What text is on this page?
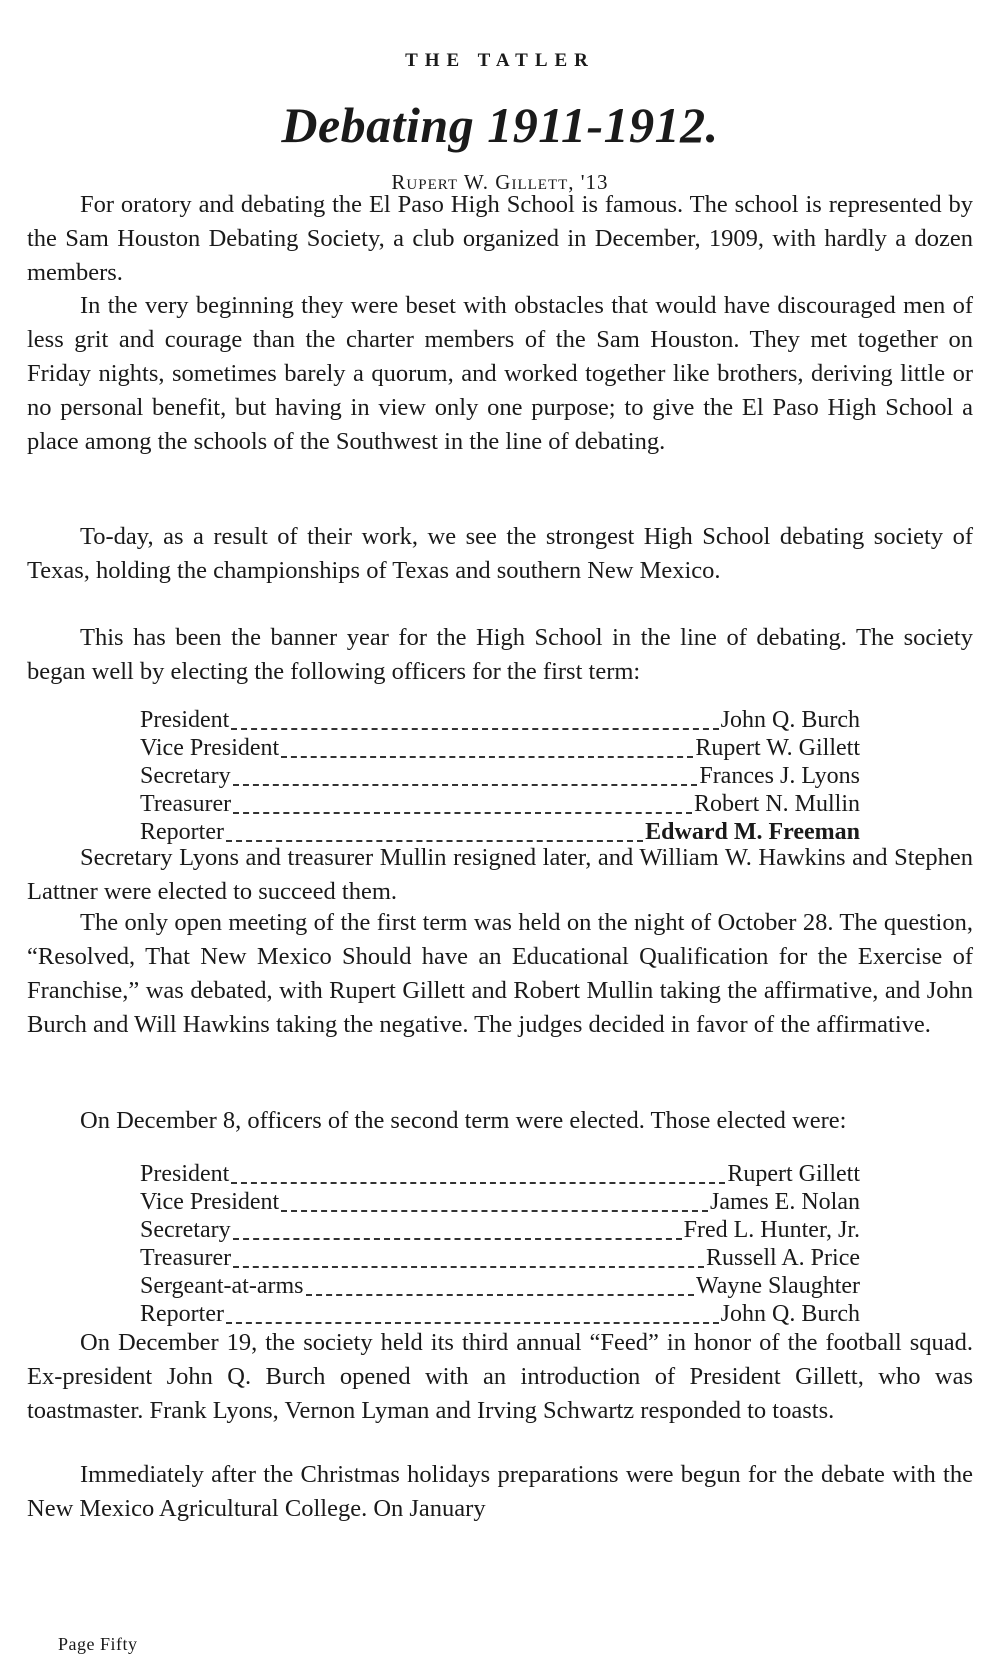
THE TATLER
Debating 1911-1912.
Rupert W. Gillett, '13

For oratory and debating the El Paso High School is famous. The school is represented by the Sam Houston Debating Society, a club organized in December, 1909, with hardly a dozen members.

In the very beginning they were beset with obstacles that would have discouraged men of less grit and courage than the charter members of the Sam Houston. They met together on Friday nights, sometimes barely a quorum, and worked together like brothers, deriving little or no personal benefit, but having in view only one purpose; to give the El Paso High School a place among the schools of the Southwest in the line of debating.

To-day, as a result of their work, we see the strongest High School debating society of Texas, holding the championships of Texas and southern New Mexico.

This has been the banner year for the High School in the line of debating. The society began well by electing the following officers for the first term:

President	John Q. Burch
Vice President	Rupert W. Gillett
Secretary	Frances J. Lyons
Treasurer	Robert N. Mullin
Reporter	Edward M. Freeman

Secretary Lyons and treasurer Mullin resigned later, and William W. Hawkins and Stephen Lattner were elected to succeed them.

The only open meeting of the first term was held on the night of October 28. The question, “Resolved, That New Mexico Should have an Educational Qualification for the Exercise of Franchise,” was debated, with Rupert Gillett and Robert Mullin taking the affirmative, and John Burch and Will Hawkins taking the negative. The judges decided in favor of the affirmative.

On December 8, officers of the second term were elected. Those elected were:

President	Rupert Gillett
Vice President	James E. Nolan
Secretary	Fred L. Hunter, Jr.
Treasurer	Russell A. Price
Sergeant-at-arms	Wayne Slaughter
Reporter	John Q. Burch

On December 19, the society held its third annual “Feed” in honor of the football squad. Ex-president John Q. Burch opened with an introduction of President Gillett, who was toastmaster. Frank Lyons, Vernon Lyman and Irving Schwartz responded to toasts.

Immediately after the Christmas holidays preparations were begun for the debate with the New Mexico Agricultural College. On January

Page Fifty
